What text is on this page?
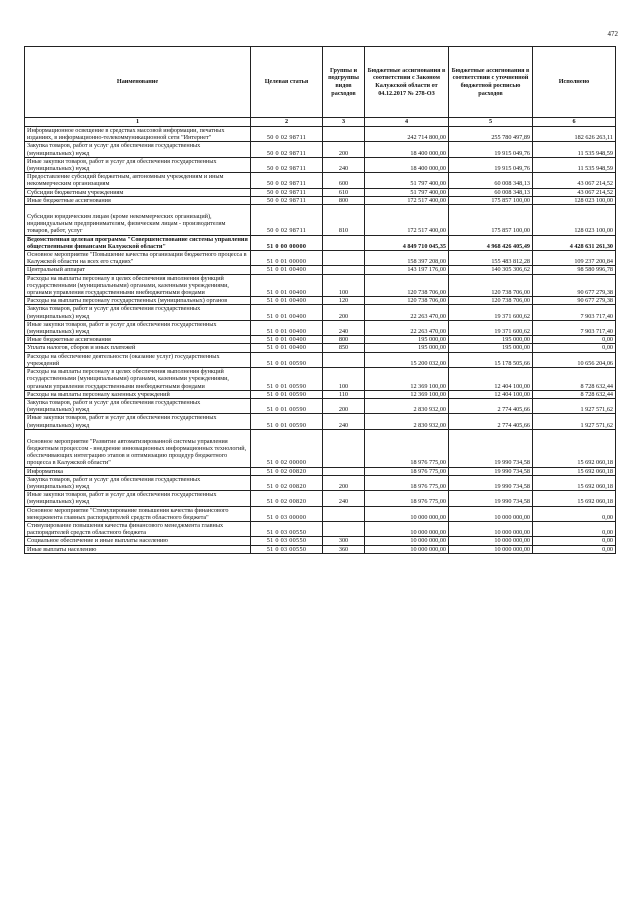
472
Наименование	Целевая статья	Группы и подгруппы видов расходов	Бюджетные ассигнования в соответствии с Законом Калужской области от 04.12.2017 № 278-ОЗ	Бюджетные ассигнования в соответствии с уточненной бюджетной росписью расходов	Исполнено
1	2	3	4	5	6
Информационное освещение в средствах массовой информации, печатных изданиях, в информационно-телекоммуникационной сети "Интернет"	50 0 02 98711		242 714 800,00	255 780 497,89	182 626 263,11
Закупка товаров, работ и услуг для обеспечения государственных (муниципальных) нужд	50 0 02 98711	200	18 400 000,00	19 915 049,76	11 535 948,59
Иные закупки товаров, работ и услуг для обеспечения государственных (муниципальных) нужд	50 0 02 98711	240	18 400 000,00	19 915 049,76	11 535 948,59
Предоставление субсидий бюджетным, автономным учреждениям и иным некоммерческим организациям	50 0 02 98711	600	51 797 400,00	60 008 348,13	43 067 214,52
Субсидии бюджетным учреждениям	50 0 02 98711	610	51 797 400,00	60 008 348,13	43 067 214,52
Иные бюджетные ассигнования	50 0 02 98711	800	172 517 400,00	175 857 100,00	128 023 100,00
Субсидии юридическим лицам (кроме некоммерческих организаций), индивидуальным предпринимателям, физическим лицам - производителям товаров, работ, услуг	50 0 02 98711	810	172 517 400,00	175 857 100,00	128 023 100,00
Ведомственная целевая программа "Совершенствование системы управления общественными финансами Калужской области"	51 0 00 00000		4 849 710 045,35	4 968 426 405,49	4 428 631 261,30
Основное мероприятие "Повышение качества организации бюджетного процесса в Калужской области на всех его стадиях"	51 0 01 00000		158 397 208,00	155 483 812,28	109 237 200,84
Центральный аппарат	51 0 01 00400		143 197 176,00	140 305 306,62	98 580 996,78
Расходы на выплаты персоналу в целях обеспечения выполнения функций государственными (муниципальными) органами, казенными учреждениями, органами управления государственными внебюджетными фондами	51 0 01 00400	100	120 738 706,00	120 738 706,00	90 677 279,38
Расходы на выплаты персоналу государственных (муниципальных) органов	51 0 01 00400	120	120 738 706,00	120 738 706,00	90 677 279,38
Закупка товаров, работ и услуг для обеспечения государственных (муниципальных) нужд	51 0 01 00400	200	22 263 470,00	19 371 600,62	7 903 717,40
Иные закупки товаров, работ и услуг для обеспечения государственных (муниципальных) нужд	51 0 01 00400	240	22 263 470,00	19 371 600,62	7 903 717,40
Иные бюджетные ассигнования	51 0 01 00400	800	195 000,00	195 000,00	0,00
Уплата налогов, сборов и иных платежей	51 0 01 00400	850	195 000,00	195 000,00	0,00
Расходы на обеспечение деятельности (оказание услуг) государственных учреждений	51 0 01 00590		15 200 032,00	15 178 505,66	10 656 204,06
Расходы на выплаты персоналу в целях обеспечения выполнения функций государственными (муниципальными) органами, казенными учреждениями, органами управления государственными внебюджетными фондами	51 0 01 00590	100	12 369 100,00	12 404 100,00	8 728 632,44
Расходы на выплаты персоналу казенных учреждений	51 0 01 00590	110	12 369 100,00	12 404 100,00	8 728 632,44
Закупка товаров, работ и услуг для обеспечения государственных (муниципальных) нужд	51 0 01 00590	200	2 830 932,00	2 774 405,66	1 927 571,62
Иные закупки товаров, работ и услуг для обеспечения государственных (муниципальных) нужд	51 0 01 00590	240	2 830 932,00	2 774 405,66	1 927 571,62
Основное мероприятие "Развитие автоматизированной системы управления бюджетным процессом - внедрение инновационных информационных технологий, обеспечивающих интеграцию этапов и оптимизацию процедур бюджетного процесса в Калужской области"	51 0 02 00000		18 976 775,00	19 990 734,58	15 692 060,18
Информатика	51 0 02 00820		18 976 775,00	19 990 734,58	15 692 060,18
Закупка товаров, работ и услуг для обеспечения государственных (муниципальных) нужд	51 0 02 00820	200	18 976 775,00	19 990 734,58	15 692 060,18
Иные закупки товаров, работ и услуг для обеспечения государственных (муниципальных) нужд	51 0 02 00820	240	18 976 775,00	19 990 734,58	15 692 060,18
Основное мероприятие "Стимулирование повышения качества финансового менеджмента главных распорядителей средств областного бюджета"	51 0 03 00000		10 000 000,00	10 000 000,00	0,00
Стимулирование повышения качества финансового менеджмента главных распорядителей средств областного бюджета	51 0 03 00550		10 000 000,00	10 000 000,00	0,00
Социальное обеспечение и иные выплаты населению	51 0 03 00550	300	10 000 000,00	10 000 000,00	0,00
Иные выплаты населению	51 0 03 00550	360	10 000 000,00	10 000 000,00	0,00
